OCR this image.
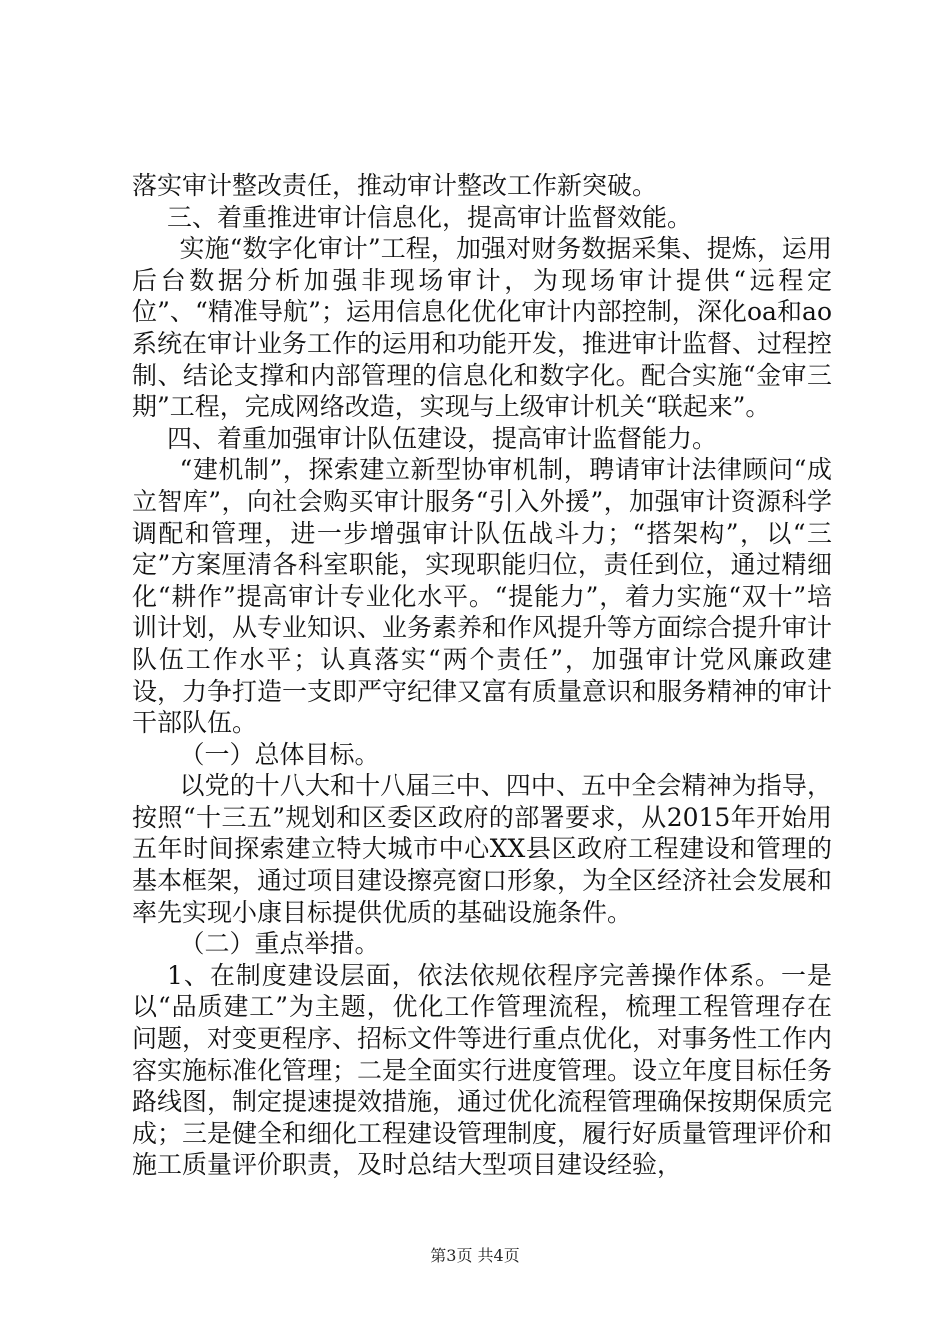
落实审计整改责任，推动审计整改工作新突破。

三、着重推进审计信息化，提高审计监督效能。

实施“数字化审计”工程，加强对财务数据采集、提炼，运用后台数据分析加强非现场审计，为现场审计提供“远程定位”、“精准导航”；运用信息化优化审计内部控制，深化oa和ao系统在审计业务工作的运用和功能开发，推进审计监督、过程控制、结论支撑和内部管理的信息化和数字化。配合实施“金审三期”工程，完成网络改造，实现与上级审计机关“联起来”。

四、着重加强审计队伍建设，提高审计监督能力。

“建机制”，探索建立新型协审机制，聘请审计法律顾问“成立智库”，向社会购买审计服务“引入外援”，加强审计资源科学调配和管理，进一步增强审计队伍战斗力；“搭架构”，以“三定”方案厘清各科室职能，实现职能归位，责任到位，通过精细化“耕作”提高审计专业化水平。“提能力”，着力实施“双十”培训计划，从专业知识、业务素养和作风提升等方面综合提升审计队伍工作水平；认真落实“两个责任”，加强审计党风廉政建设，力争打造一支即严守纪律又富有质量意识和服务精神的审计干部队伍。

（一）总体目标。

以党的十八大和十八届三中、四中、五中全会精神为指导，按照“十三五”规划和区委区政府的部署要求，从2015年开始用五年时间探索建立特大城市中心XX县区政府工程建设和管理的基本框架，通过项目建设擦亮窗口形象，为全区经济社会发展和率先实现小康目标提供优质的基础设施条件。

（二）重点举措。

1、在制度建设层面，依法依规依程序完善操作体系。一是以“品质建工”为主题，优化工作管理流程，梳理工程管理存在问题，对变更程序、招标文件等进行重点优化，对事务性工作内容实施标准化管理；二是全面实行进度管理。设立年度目标任务路线图，制定提速提效措施，通过优化流程管理确保按期保质完成；三是健全和细化工程建设管理制度，履行好质量管理评价和施工质量评价职责，及时总结大型项目建设经验，

第3页 共4页
